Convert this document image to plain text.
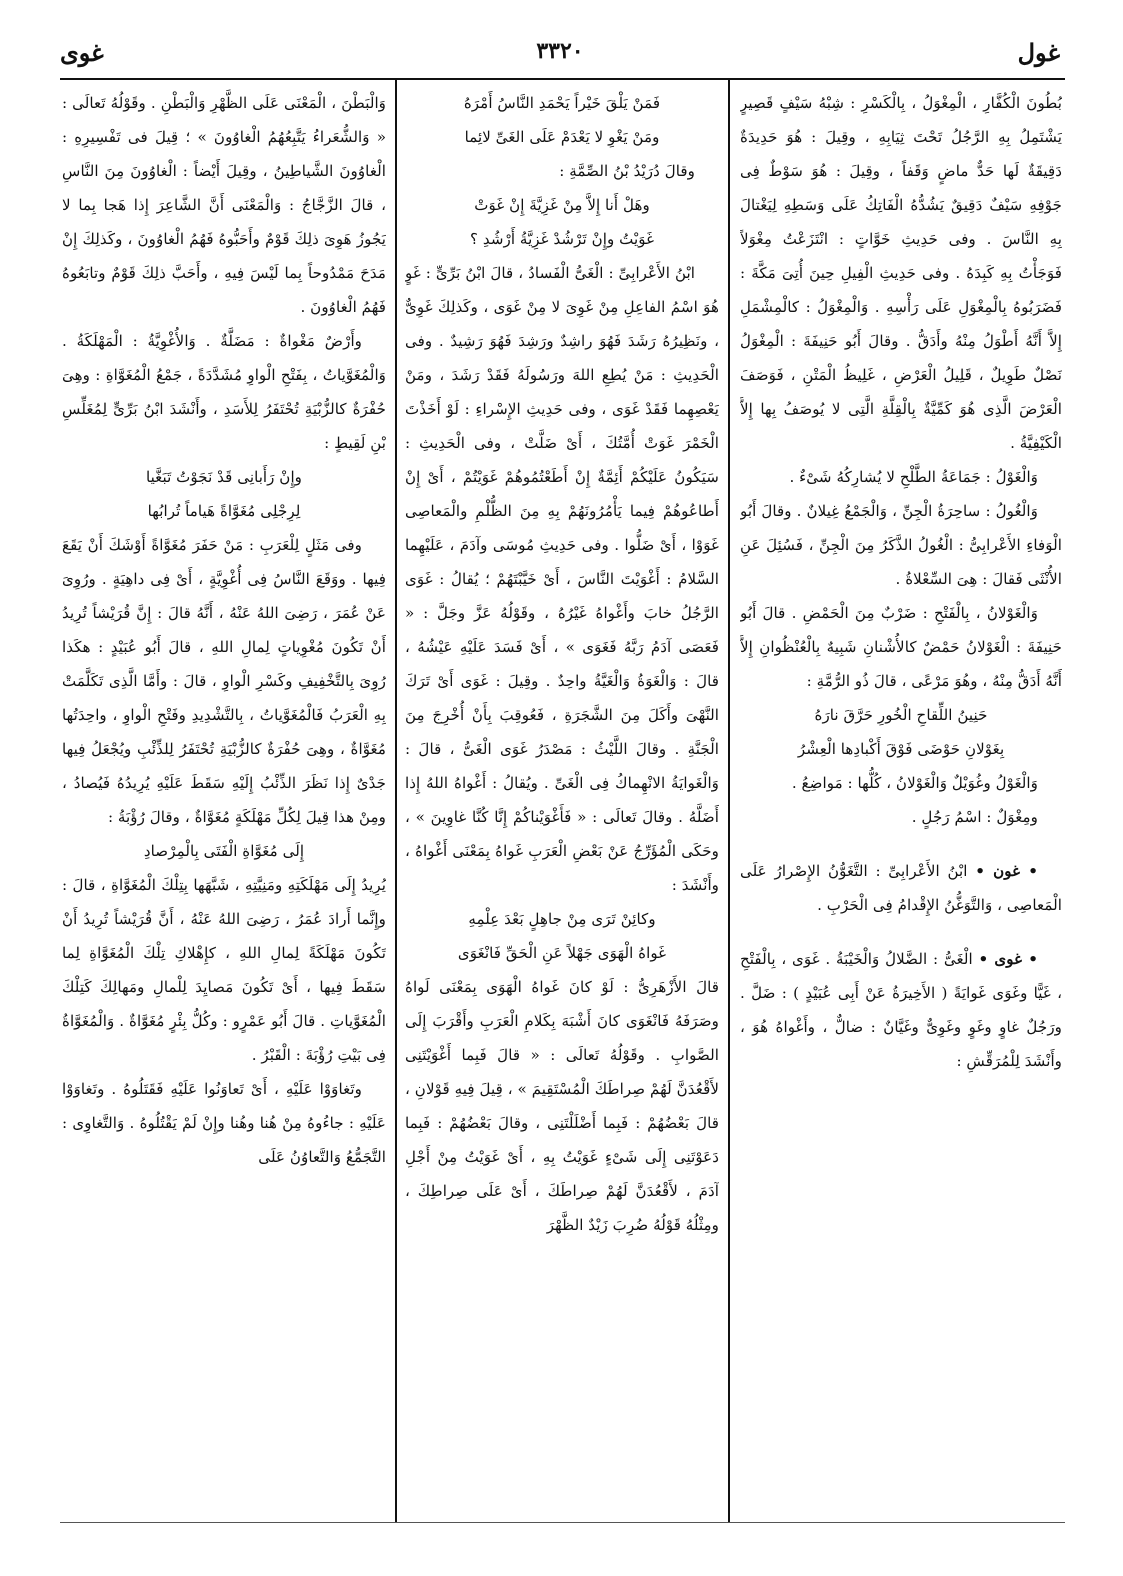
غول
٣٣٢٠
غوى

بُطُونَ الْكُفَّارِ ، الْمِغْوَلُ ، بِالْكَسْرِ : شِبْهُ سَيْفٍ قَصِيرٍ يَشْتَمِلُ بِهِ الرَّجُلُ تَحْتَ ثِيَابِهِ ، وقِيلَ : هُوَ حَدِيدَةٌ دَقِيقَةٌ لَها حَدٌّ ماضٍ وَقَفاً ، وقِيلَ : هُوَ سَوْطٌ فِى جَوْفِهِ سَيْفٌ دَقِيقٌ يَشُدُّهُ الْفَاتِكُ عَلَى وَسَطِهِ لِيَغْتالَ بِهِ النَّاسَ . وفى حَدِيثِ خَوَّاتٍ : انْتَزَعْتُ مِغْوَلاً فَوَجَأْتُ بِهِ كَبِدَهُ . وفى حَدِيثِ الْفِيلِ حِينَ أُتِىَ مَكَّةَ : فَضَرَبُوهُ بِالْمِغْوَلِ عَلَى رَأْسِهِ . وَالْمِغْوَلُ : كالْمِشْمَلِ إِلاَّ أَنَّهُ أَطْوَلُ مِنْهُ وأَدَقُّ . وقالَ أَبُو حَنِيفَةَ : الْمِغْوَلُ نَصْلٌ طَوِيلٌ ، قَلِيلُ الْعَرْضِ ، غَلِيظُ الْمَتْنِ ، فَوَصَفَ الْعَرْضَ الَّذِى هُوَ كَمِّيَّةٌ بِالْقِلَّةِ الَّتِى لا يُوصَفُ بِها إِلاَّ الْكَيْفِيَّةُ .

وَالْغَوْلُ : جَمَاعَةُ الطَّلْحِ لا يُشارِكُهُ شَىْءٌ .

وَالْغُولُ : ساحِرَةُ الْجِنِّ ، وَالْجَمْعُ غِيلانٌ . وقالَ أَبُو الْوَفاءِ الأَعْرابِىُّ : الْغُولُ الذَّكَرُ مِنَ الْجِنِّ ، فَسُئِلَ عَنِ الأُنْثَى فَقالَ : هِىَ السِّعْلاةُ .

وَالْغَوْلانُ ، بِالْفَتْحِ : ضَرْبٌ مِنَ الْحَمْضِ . قالَ أَبُو حَنِيفَةَ : الْغَوْلانُ حَمْضٌ كالأُشْنانِ شَبِيهٌ بِالْعُنْظُوانِ إِلاَّ أَنَّهُ أَدَقُّ مِنْهُ ، وهُوَ مَرْعًى ، قالَ ذُو الرُّمَّةِ :

حَنِينُ اللِّقاحِ الْخُورِ حَرَّقَ نارَهُ

بِغَوْلانِ حَوْضَى فَوْقَ أَكْبادِها الْعِشْرُ

وَالْغَوْلُ وغُوَيْلٌ وَالْغَوْلانُ ، كُلُّها : مَواضِعُ .

ومِغْوَلٌ : اسْمُ رَجُلٍ .

• غون • ابْنُ الأَعْرابِىِّ : التَّغَوُّنُ الإِصْرارُ عَلَى الْمَعاصِى ، وَالتَّوَغُّنُ الإِقْدامُ فِى الْحَرْبِ .

• غوى • الْغَىُّ : الضَّلالُ وَالْخَيْبَةُ . غَوَى ، بِالْفَتْحِ ، غَيًّا وغَوَى غَوايَةً ( الأَخِيرَةُ عَنْ أَبِى عُبَيْدٍ ) : ضَلَّ . ورَجُلٌ غاوٍ وغَوٍ وغَوِىٌّ وغَيَّانٌ : ضالٌّ ، وأَغْواهُ هُوَ ، وأَنْشَدَ لِلْمُرَقِّشِ :

فَمَنْ يَلْقَ خَيْراً يَحْمَدِ النَّاسُ أَمْرَهُ

ومَنْ يَغْوِ لا يَعْدَمْ عَلَى الغَىِّ لائِما

وقالَ دُرَيْدُ بْنُ الصِّمَّةِ :

وهَلْ أَنا إِلاَّ مِنْ غَزِيَّةَ إِنْ غَوَتْ

غَوَيْتُ وإِنْ تَرْشُدْ غَزِيَّةُ أَرْشُدِ ؟

ابْنُ الأَعْرابِىِّ : الْغَىُّ الْفَسادُ ، قالَ ابْنُ بَرِّىٍّ : غَوٍ هُوَ اسْمُ الفاعِلِ مِنْ غَوِىَ لا مِنْ غَوَى ، وكَذلِكَ غَوِىٌّ ، ونَظِيرُهُ رَشَدَ فَهُوَ راشِدٌ ورَشِدَ فَهُوَ رَشِيدٌ . وفى الْحَدِيثِ : مَنْ يُطِعِ اللهَ ورَسُولَهُ فَقَدْ رَشَدَ ، ومَنْ يَعْصِهِما فَقَدْ غَوَى ، وفى حَدِيثِ الإِسْراءِ : لَوْ أَخَذْتَ الْخَمْرَ غَوَتْ أُمَّتُكَ ، أَىْ ضَلَّتْ ، وفى الْحَدِيثِ : سَيَكُونُ عَلَيْكُمْ أَئِمَّةٌ إِنْ أَطَعْتُمُوهُمْ غَوَيْتُمْ ، أَىْ إِنْ أَطاعُوهُمْ فِيما يَأْمُرُونَهُمْ بِهِ مِنَ الظُّلْمِ والْمَعاصِى غَوَوْا ، أَىْ ضَلُّوا . وفى حَدِيثِ مُوسَى وآدَمَ ، عَلَيْهِما السَّلامُ : أَغْوَيْتَ النَّاسَ ، أَىْ خَيَّبْتَهُمْ ؛ يُقالُ : غَوَى الرَّجُلُ خابَ وأَغْواهُ غَيْرُهُ ، وقَوْلُهُ عَزَّ وجَلَّ : « فَعَصَى آدَمُ رَبَّهُ فَغَوَى » ، أَىْ فَسَدَ عَلَيْهِ عَيْشُهُ ، قالَ : وَالْغَوَةُ وَالْغَيَّةُ واحِدٌ . وقِيلَ : غَوَى أَىْ تَرَكَ النَّهْىَ وأَكَلَ مِنَ الشَّجَرَةِ ، فَعُوقِبَ بِأَنْ أُخْرِجَ مِنَ الْجَنَّةِ . وقالَ اللَّيْثُ : مَصْدَرُ غَوَى الْغَىُّ ، قالَ : وَالْغَوايَةُ الانْهِماكُ فِى الْغَىِّ . ويُقالُ : أَغْواهُ اللهُ إِذا أَضَلَّهُ . وقالَ تَعالَى : « فَأَغْوَيْناكُمْ إِنَّا كُنَّا غاوِينَ » ، وحَكَى الْمُؤَرِّجُ عَنْ بَعْضِ الْعَرَبِ غَواهُ بِمَعْنَى أَغْواهُ ، وأَنْشَدَ :

وكائِنْ تَرَى مِنْ جاهِلٍ بَعْدَ عِلْمِهِ

غَواهُ الْهَوَى جَهْلاً عَنِ الْحَقِّ فَانْغَوَى

قالَ الأَزْهَرِىُّ : لَوْ كانَ غَواهُ الْهَوَى بِمَعْنَى لَواهُ وصَرَفَهُ فَانْغَوَى كانَ أَشْبَهَ بِكَلامِ الْعَرَبِ وأَقْرَبَ إِلَى الصَّوابِ . وقَوْلُهُ تَعالَى : « قالَ فَبِما أَغْوَيْتَنِى لأَقْعُدَنَّ لَهُمْ صِراطَكَ الْمُسْتَقِيمَ » ، قِيلَ فِيهِ قَوْلانِ ، قالَ بَعْضُهُمْ : فَبِما أَضْلَلْتَنِى ، وقالَ بَعْضُهُمْ : فَبِما دَعَوْتَنِى إِلَى شَىْءٍ غَوَيْتُ بِهِ ، أَىْ غَوَيْتُ مِنْ أَجْلِ آدَمَ ، لأَقْعُدَنَّ لَهُمْ صِراطَكَ ، أَىْ عَلَى صِراطِكَ ، ومِثْلُهُ قَوْلُهُ ضُرِبَ زَيْدٌ الظَّهْرَ

وَالْبَطْنَ ، الْمَعْنَى عَلَى الظَّهْرِ وَالْبَطْنِ . وقَوْلُهُ تَعالَى : « وَالشُّعَراءُ يَتَّبِعُهُمُ الْغاوُونَ » ؛ قِيلَ فى تَفْسِيرِهِ : الْغاوُونَ الشَّياطِينُ ، وقِيلَ أَيْضاً : الْغاوُونَ مِنَ النَّاسِ ، قالَ الزَّجَّاجُ : وَالْمَعْنَى أَنَّ الشَّاعِرَ إِذا هَجا بِما لا يَجُوزُ هَوِىَ ذلِكَ قَوْمٌ وأَحَبُّوهُ فَهُمُ الْغاوُونَ ، وكَذلِكَ إِنْ مَدَحَ مَمْدُوحاً بِما لَيْسَ فِيهِ ، وأَحَبَّ ذلِكَ قَوْمٌ وتابَعُوهُ فَهُمُ الْغاوُونَ .

وأَرْضٌ مَغْواةٌ : مَضَلَّةٌ . وَالأُغْوِيَّةُ : الْمَهْلَكَةُ . وَالْمُغَوَّياتُ ، بِفَتْحِ الْواوِ مُشَدَّدَةً ، جَمْعُ الْمُغَوَّاةِ : وهِىَ حُفْرَةٌ كالزُّبْيَةِ تُحْتَفَرُ لِلأَسَدِ ، وأَنْشَدَ ابْنُ بَرِّىٍّ لِمُغَلِّسِ بْنِ لَقِيطٍ :

وإِنْ رَأَبانِى قَدْ نَجَوْتُ تَبَغَّيا

لِرِجْلِى مُغَوَّاةً هَياماً تُرابُها

وفى مَثَلٍ لِلْعَرَبِ : مَنْ حَفَرَ مُغَوَّاةً أَوْشَكَ أَنْ يَقَعَ فِيها . ووَقَعَ النَّاسُ فِى أُغْوِيَّةٍ ، أَىْ فِى داهِيَةٍ . ورُوِىَ عَنْ عُمَرَ ، رَضِىَ اللهُ عَنْهُ ، أَنَّهُ قالَ : إِنَّ قُرَيْشاً تُرِيدُ أَنْ تَكُونَ مُغْوِياتٍ لِمالِ اللهِ ، قالَ أَبُو عُبَيْدٍ : هكَذا رُوِىَ بِالتَّخْفِيفِ وكَسْرِ الْواوِ ، قالَ : وأَمَّا الَّذِى تَكَلَّمَتْ بِهِ الْعَرَبُ فَالْمُغَوَّياتُ ، بِالتَّشْدِيدِ وفَتْحِ الْواوِ ، واحِدَتُها مُغَوَّاةٌ ، وهِىَ حُفْرَةٌ كالزُّبْيَةِ تُحْتَفَرُ لِلذِّئْبِ ويُجْعَلُ فِيها جَدْىٌ إِذا نَظَرَ الذِّئْبُ إِلَيْهِ سَقَطَ عَلَيْهِ يُرِيدُهُ فَيُصادُ ، ومِنْ هذا قِيلَ لِكُلِّ مَهْلَكَةٍ مُغَوَّاةٌ ، وقالَ رُؤْبَةُ :

إِلَى مُغَوَّاةِ الْفَتَى بِالْمِرْصادِ

يُرِيدُ إِلَى مَهْلَكَتِهِ ومَنِيَّتِهِ ، شَبَّهَها بِتِلْكَ الْمُغَوَّاةِ ، قالَ : وإِنَّما أَرادَ عُمَرُ ، رَضِىَ اللهُ عَنْهُ ، أَنَّ قُرَيْشاً تُرِيدُ أَنْ تَكُونَ مَهْلَكَةً لِمالِ اللهِ ، كإِهْلاكِ تِلْكَ الْمُغَوَّاةِ لِما سَقَطَ فِيها ، أَىْ تَكُونَ مَصايِدَ لِلْمالِ ومَهالِكَ كَتِلْكَ الْمُغَوَّياتِ . قالَ أَبُو عَمْرٍو : وكُلُّ بِئْرٍ مُغَوَّاةٌ . وَالْمُغَوَّاةُ فِى بَيْتِ رُؤْبَةَ : الْقَبْرُ .

وتَغاوَوْا عَلَيْهِ ، أَىْ تَعاوَنُوا عَلَيْهِ فَقَتَلُوهُ . وتَغاوَوْا عَلَيْهِ : جاءُوهُ مِنْ هُنا وهُنا وإِنْ لَمْ يَقْتُلُوهُ . وَالتَّغاوِى : التَّجَمُّعُ وَالتَّعاوُنُ عَلَى
